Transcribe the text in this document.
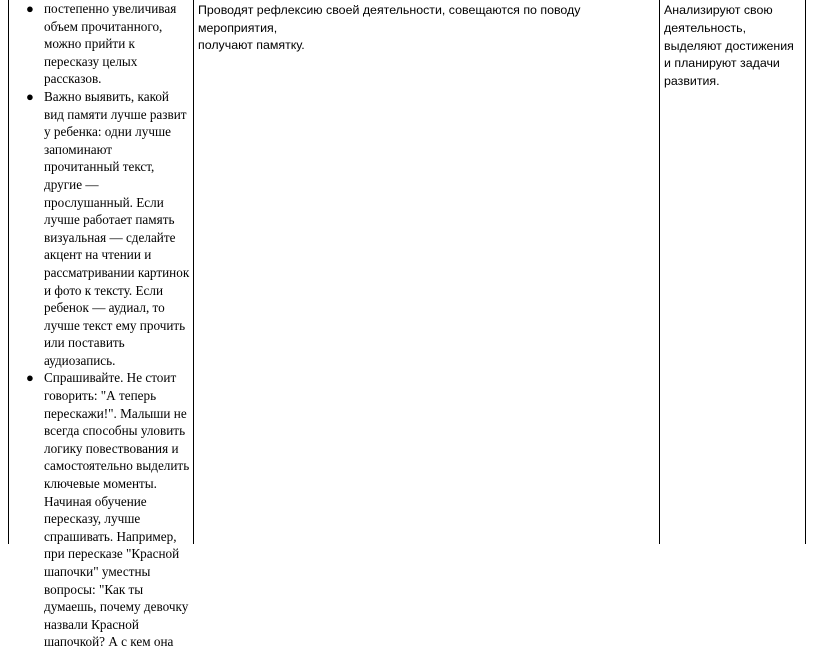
● постепенно увеличивая
объем прочитанного,
можно прийти к
пересказу целых
рассказов.
● Важно выявить, какой
вид памяти лучше развит
у ребенка: одни лучше
запоминают
прочитанный текст,
другие —
прослушанный. Если
лучше работает память
визуальная — сделайте
акцент на чтении и
рассматривании картинок
и фото к тексту. Если
ребенок — аудиал, то
лучше текст ему прочить
или поставить
аудиозапись.
● Спрашивайте. Не стоит
говорить: "А теперь
перескажи!". Малыши не
всегда способны уловить
логику повествования и
самостоятельно выделить
ключевые моменты.
Начиная обучение
пересказу, лучше
спрашивать. Например,
при пересказе "Красной
шапочки" уместны
вопросы: "Как ты
думаешь, почему девочку
назвали Красной
шапочкой? А с кем она
Проводят рефлексию своей деятельности, совещаются по поводу мероприятия,
получают памятку.
Анализируют свою
деятельность,
выделяют достижения
и планируют задачи
развития.
